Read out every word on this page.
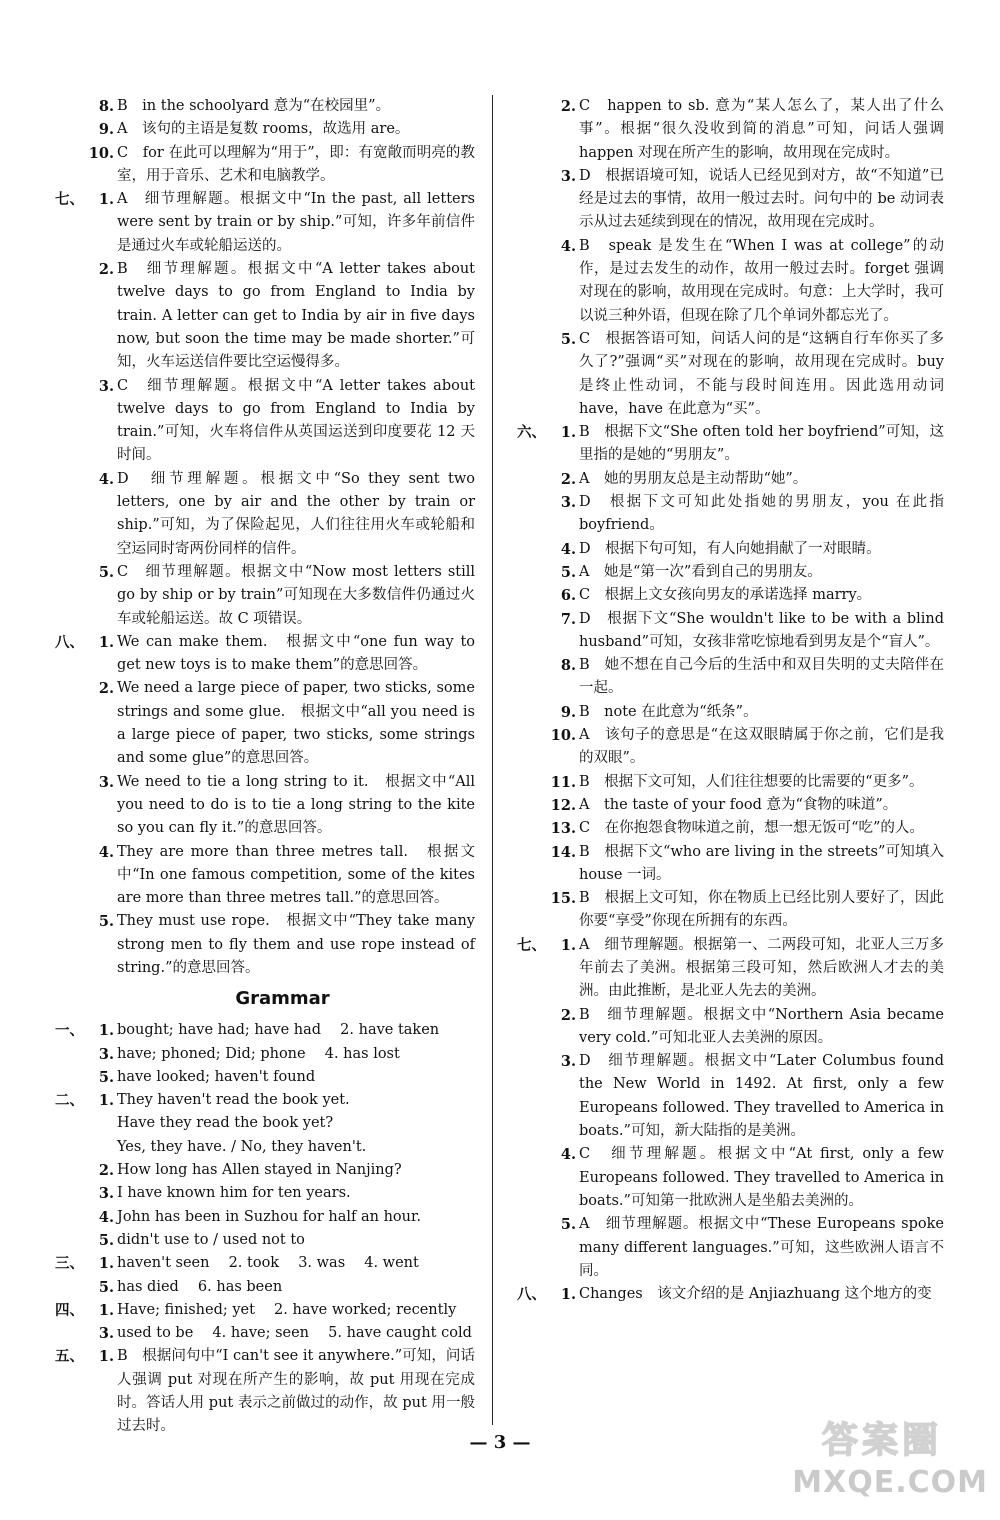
8. B　in the schoolyard 意为“在校园里”。
9. A　该句的主语是复数 rooms，故选用 are。
10. C　for 在此可以理解为“用于”，即：有宽敞而明亮的教室，用于音乐、艺术和电脑教学。
七、	1. A　细节理解题。根据文中“In the past, all letters were sent by train or by ship.”可知，许多年前信件是通过火车或轮船运送的。
2. B　细节理解题。根据文中“A letter takes about twelve days to go from England to India by train. A letter can get to India by air in five days now, but soon the time may be made shorter.”可知，火车运送信件要比空运慢得多。
3. C　细节理解题。根据文中“A letter takes about twelve days to go from England to India by train.”可知，火车将信件从英国运送到印度要花 12 天时间。
4. D　细节理解题。根据文中“So they sent two letters, one by air and the other by train or ship.”可知，为了保险起见，人们往往用火车或轮船和空运同时寄两份同样的信件。
5. C　细节理解题。根据文中“Now most letters still go by ship or by train”可知现在大多数信件仍通过火车或轮船运送。故 C 项错误。
八、	1. We can make them.　根据文中“one fun way to get new toys is to make them”的意思回答。
2. We need a large piece of paper, two sticks, some strings and some glue.　根据文中“all you need is a large piece of paper, two sticks, some strings and some glue”的意思回答。
3. We need to tie a long string to it.　根据文中“All you need to do is to tie a long string to the kite so you can fly it.”的意思回答。
4. They are more than three metres tall.　根据文中“In one famous competition, some of the kites are more than three metres tall.”的意思回答。
5. They must use rope.　根据文中“They take many strong men to fly them and use rope instead of string.”的意思回答。
Grammar
一、	1. bought; have had; have had　 2. have taken
3. have; phoned; Did; phone　 4. has lost
5. have looked; haven't found
二、	1. They haven't read the book yet.
Have they read the book yet?
Yes, they have. / No, they haven't.
2. How long has Allen stayed in Nanjing?
3. I have known him for ten years.
4. John has been in Suzhou for half an hour.
5. didn't use to / used not to
三、	1. haven't seen　 2. took　 3. was　 4. went
5. has died　 6. has been
四、	1. Have; finished; yet　 2. have worked; recently
3. used to be　 4. have; seen　 5. have caught cold
五、	1. B　根据问句中“I can't see it anywhere.”可知，问话人强调 put 对现在所产生的影响，故 put 用现在完成时。答话人用 put 表示之前做过的动作，故 put 用一般过去时。
2. C　happen to sb. 意为“某人怎么了，某人出了什么事”。根据“很久没收到简的消息”可知，问话人强调 happen 对现在所产生的影响，故用现在完成时。
3. D　根据语境可知，说话人已经见到对方，故“不知道”已经是过去的事情，故用一般过去时。问句中的 be 动词表示从过去延续到现在的情况，故用现在完成时。
4. B　speak 是发生在“When I was at college”的动作，是过去发生的动作，故用一般过去时。forget 强调对现在的影响，故用现在完成时。句意：上大学时，我可以说三种外语，但现在除了几个单词外都忘光了。
5. C　根据答语可知，问话人问的是“这辆自行车你买了多久了?”强调“买”对现在的影响，故用现在完成时。buy 是终止性动词，不能与段时间连用。因此选用动词 have，have 在此意为“买”。
六、	1. B　根据下文“She often told her boyfriend”可知，这里指的是她的“男朋友”。
2. A　她的男朋友总是主动帮助“她”。
3. D　根据下文可知此处指她的男朋友，you 在此指 boyfriend。
4. D　根据下句可知，有人向她捐献了一对眼睛。
5. A　她是“第一次”看到自己的男朋友。
6. C　根据上文女孩向男友的承诺选择 marry。
7. D　根据下文“She wouldn't like to be with a blind husband”可知，女孩非常吃惊地看到男友是个“盲人”。
8. B　她不想在自己今后的生活中和双目失明的丈夫陪伴在一起。
9. B　note 在此意为“纸条”。
10. A　该句子的意思是“在这双眼睛属于你之前，它们是我的双眼”。
11. B　根据下文可知，人们往往想要的比需要的“更多”。
12. A　the taste of your food 意为“食物的味道”。
13. C　在你抱怨食物味道之前，想一想无饭可“吃”的人。
14. B　根据下文“who are living in the streets”可知填入 house 一词。
15. B　根据上文可知，你在物质上已经比别人要好了，因此你要“享受”你现在所拥有的东西。
七、	1. A　细节理解题。根据第一、二两段可知，北亚人三万多年前去了美洲。根据第三段可知，然后欧洲人才去的美洲。由此推断，是北亚人先去的美洲。
2. B　细节理解题。根据文中“Northern Asia became very cold.”可知北亚人去美洲的原因。
3. D　细节理解题。根据文中“Later Columbus found the New World in 1492. At first, only a few Europeans followed. They travelled to America in boats.”可知，新大陆指的是美洲。
4. C　细节理解题。根据文中“At first, only a few Europeans followed. They travelled to America in boats.”可知第一批欧洲人是坐船去美洲的。
5. A　细节理解题。根据文中“These Europeans spoke many different languages.”可知，这些欧洲人语言不同。
八、	1. Changes　该文介绍的是 Anjiazhuang 这个地方的变
— 3 —	答案圈
MXQE.COM
